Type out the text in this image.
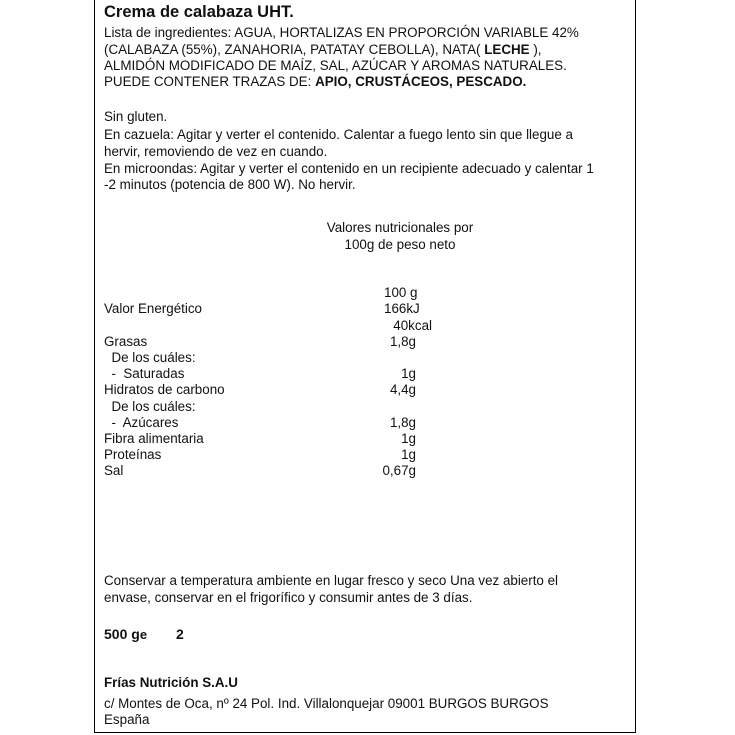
Crema de calabaza UHT.
Lista de ingredientes: AGUA, HORTALIZAS EN PROPORCIÓN VARIABLE 42%
(CALABAZA (55%), ZANAHORIA, PATATAY CEBOLLA), NATA( LECHE ),
ALMIDÓN MODIFICADO DE MAÍZ, SAL, AZÚCAR Y AROMAS NATURALES.
PUEDE CONTENER TRAZAS DE: APIO, CRUSTÁCEOS, PESCADO.
Sin gluten.
En cazuela: Agitar y verter el contenido. Calentar a fuego lento sin que llegue a
hervir, removiendo de vez en cuando.
En microondas: Agitar y verter el contenido en un recipiente adecuado y calentar 1
-2 minutos (potencia de 800 W). No hervir.
Valores nutricionales por
100g de peso neto
100 g
Valor Energético	166kJ
40kcal
Grasas	1,8g
De los cuáles:
-  Saturadas	1g
Hidratos de carbono	4,4g
De los cuáles:
-  Azúcares	1,8g
Fibra alimentaria	1g
Proteínas	1g
Sal	0,67g
Conservar a temperatura ambiente en lugar fresco y seco Una vez abierto el
envase, conservar en el frigorífico y consumir antes de 3 días.
500 ge 2
Frías Nutrición S.A.U
c/ Montes de Oca, nº 24 Pol. Ind. Villalonquejar 09001 BURGOS BURGOS
España
